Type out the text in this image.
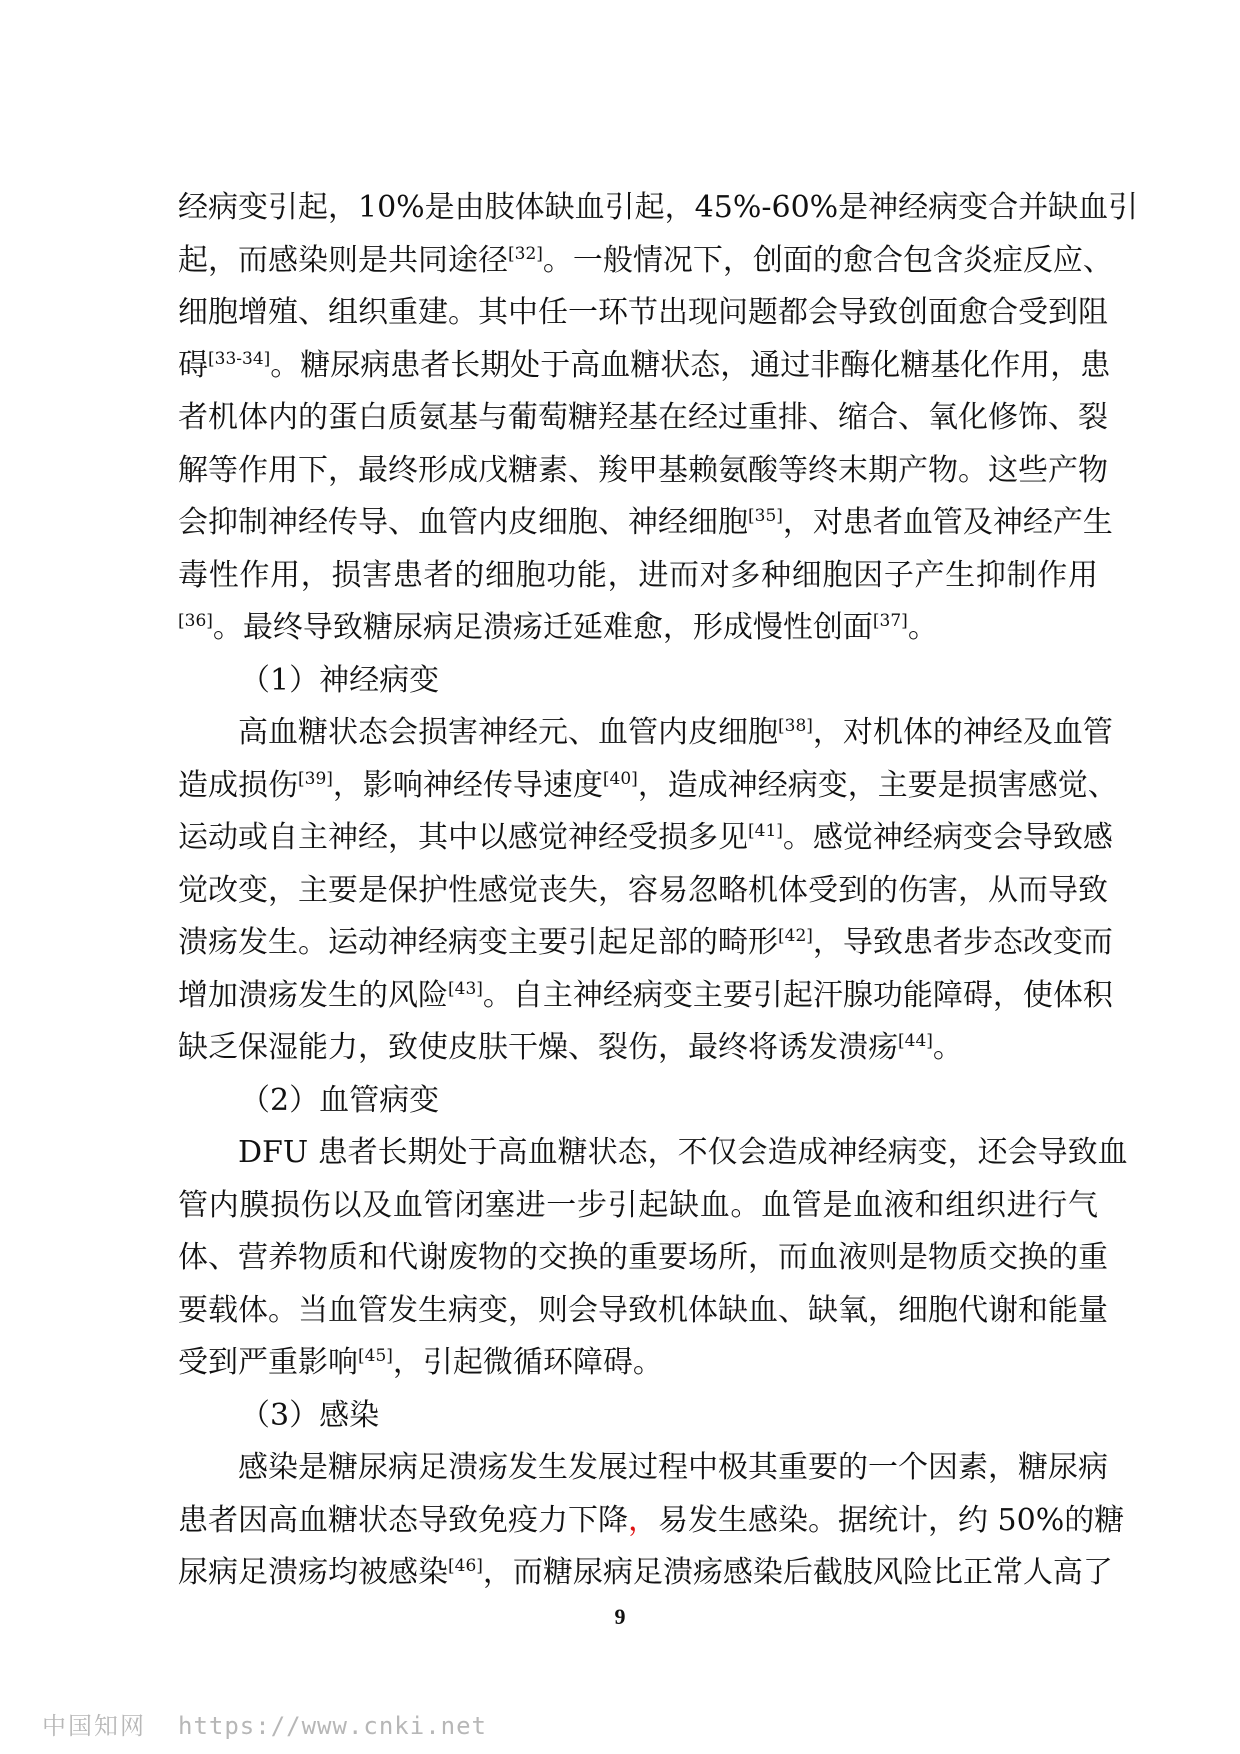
经病变引起，10%是由肢体缺血引起，45%-60%是神经病变合并缺血引
起，而感染则是共同途径[32]。一般情况下，创面的愈合包含炎症反应、
细胞增殖、组织重建。其中任一环节出现问题都会导致创面愈合受到阻
碍[33-34]。糖尿病患者长期处于高血糖状态，通过非酶化糖基化作用，患
者机体内的蛋白质氨基与葡萄糖羟基在经过重排、缩合、氧化修饰、裂
解等作用下，最终形成戊糖素、羧甲基赖氨酸等终末期产物。这些产物
会抑制神经传导、血管内皮细胞、神经细胞[35]，对患者血管及神经产生
毒性作用，损害患者的细胞功能，进而对多种细胞因子产生抑制作用
[36]。最终导致糖尿病足溃疡迁延难愈，形成慢性创面[37]。
（1）神经病变
高血糖状态会损害神经元、血管内皮细胞[38]，对机体的神经及血管
造成损伤[39]，影响神经传导速度[40]，造成神经病变，主要是损害感觉、
运动或自主神经，其中以感觉神经受损多见[41]。感觉神经病变会导致感
觉改变，主要是保护性感觉丧失，容易忽略机体受到的伤害，从而导致
溃疡发生。运动神经病变主要引起足部的畸形[42]，导致患者步态改变而
增加溃疡发生的风险[43]。自主神经病变主要引起汗腺功能障碍，使体积
缺乏保湿能力，致使皮肤干燥、裂伤，最终将诱发溃疡[44]。
（2）血管病变
DFU 患者长期处于高血糖状态，不仅会造成神经病变，还会导致血
管内膜损伤以及血管闭塞进一步引起缺血。血管是血液和组织进行气
体、营养物质和代谢废物的交换的重要场所，而血液则是物质交换的重
要载体。当血管发生病变，则会导致机体缺血、缺氧，细胞代谢和能量
受到严重影响[45]，引起微循环障碍。
（3）感染
感染是糖尿病足溃疡发生发展过程中极其重要的一个因素，糖尿病
患者因高血糖状态导致免疫力下降，易发生感染。据统计，约 50%的糖
尿病足溃疡均被感染[46]，而糖尿病足溃疡感染后截肢风险比正常人高了
9
中国知网 https://www.cnki.net
